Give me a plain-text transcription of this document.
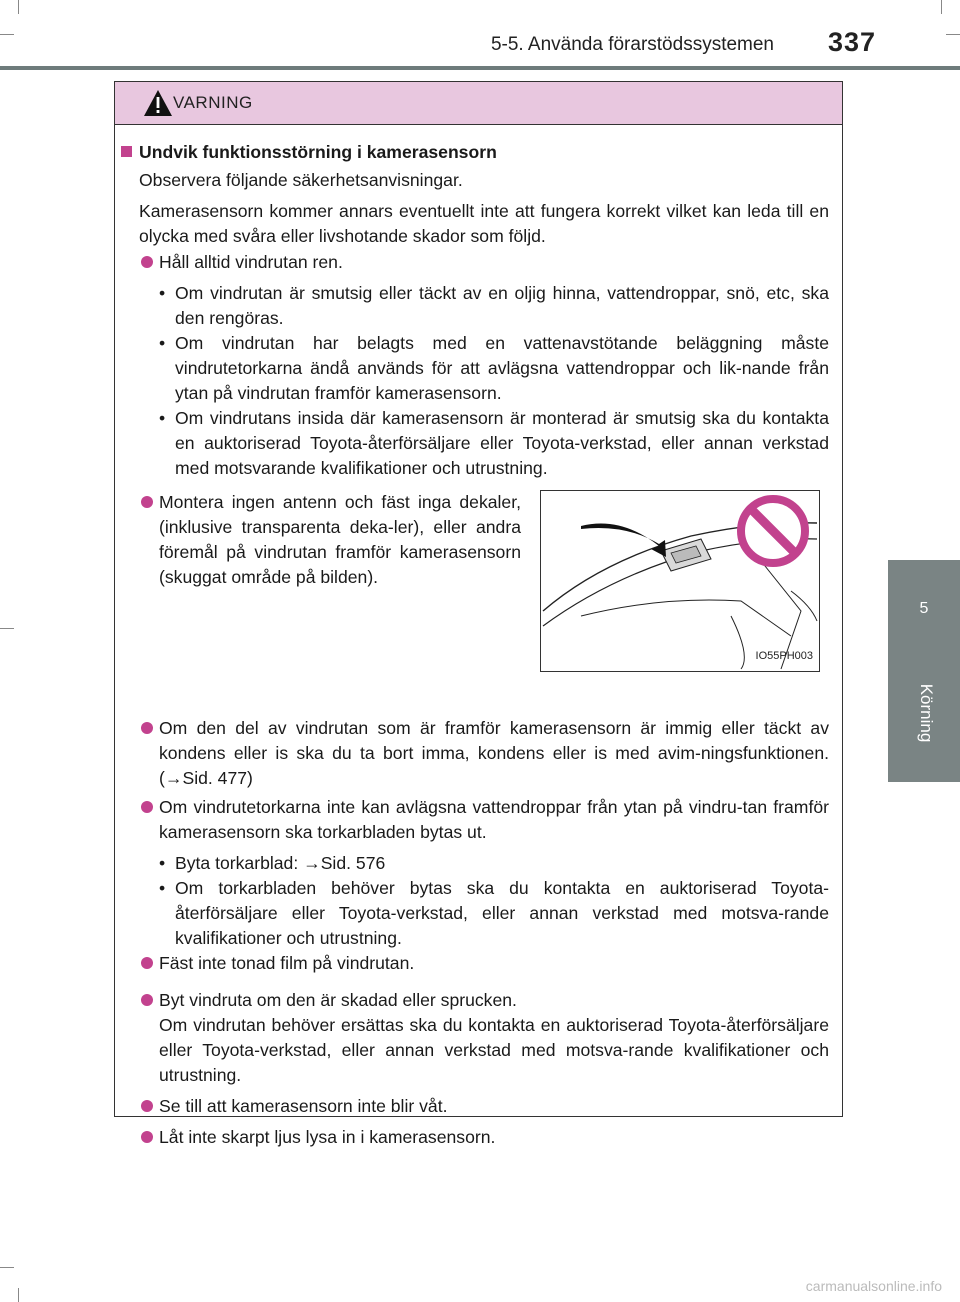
5-5. Använda förarstödssystemen 337
5
Körning
VARNING
Undvik funktionsstörning i kamerasensorn
Observera följande säkerhetsanvisningar.
Kamerasensorn kommer annars eventuellt inte att fungera korrekt vilket kan leda till en olycka med svåra eller livshotande skador som följd.
Håll alltid vindrutan ren.
• Om vindrutan är smutsig eller täckt av en oljig hinna, vattendroppar, snö, etc, ska den rengöras.
• Om vindrutan har belagts med en vattenavstötande beläggning måste vindrutetorkarna ändå används för att avlägsna vattendroppar och lik-nande från ytan på vindrutan framför kamerasensorn.
• Om vindrutans insida där kamerasensorn är monterad är smutsig ska du kontakta en auktoriserad Toyota-återförsäljare eller Toyota-verkstad, eller annan verkstad med motsvarande kvalifikationer och utrustning.
Montera ingen antenn och fäst inga dekaler, (inklusive transparenta deka-ler), eller andra föremål på vindrutan framför kamerasensorn (skuggat område på bilden).
IO55PH003
Om den del av vindrutan som är framför kamerasensorn är immig eller täckt av kondens eller is ska du ta bort imma, kondens eller is med avim-ningsfunktionen. (→Sid. 477)
Om vindrutetorkarna inte kan avlägsna vattendroppar från ytan på vindru-tan framför kamerasensorn ska torkarbladen bytas ut.
• Byta torkarblad: →Sid. 576
• Om torkarbladen behöver bytas ska du kontakta en auktoriserad Toyota-återförsäljare eller Toyota-verkstad, eller annan verkstad med motsva-rande kvalifikationer och utrustning.
Fäst inte tonad film på vindrutan.
Byt vindruta om den är skadad eller sprucken.
Om vindrutan behöver ersättas ska du kontakta en auktoriserad Toyota-återförsäljare eller Toyota-verkstad, eller annan verkstad med motsva-rande kvalifikationer och utrustning.
Se till att kamerasensorn inte blir våt.
Låt inte skarpt ljus lysa in i kamerasensorn.
carmanualsonline.info
